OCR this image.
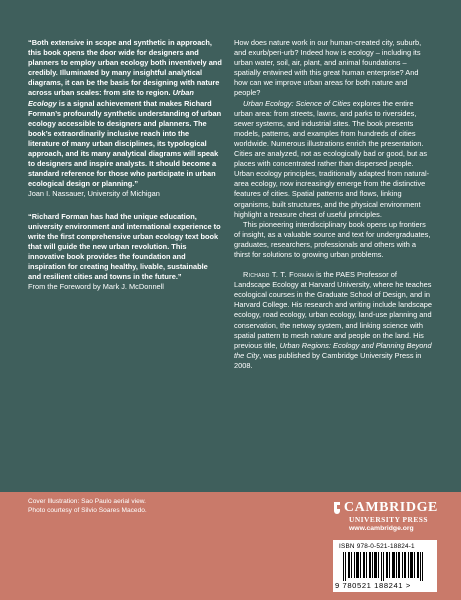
“Both extensive in scope and synthetic in approach, this book opens the door wide for designers and planners to employ urban ecology both inventively and credibly. Illuminated by many insightful analytical diagrams, it can be the basis for designing with nature across urban scales: from site to region. Urban Ecology is a signal achievement that makes Richard Forman’s profoundly synthetic understanding of urban ecology accessible to designers and planners. The book’s extraordinarily inclusive reach into the literature of many urban disciplines, its typological approach, and its many analytical diagrams will speak to designers and inspire analysts. It should become a standard reference for those who participate in urban ecological design or planning.”

Joan I. Nassauer, University of Michigan

“Richard Forman has had the unique education, university environment and international experience to write the first comprehensive urban ecology text book that will guide the new urban revolution. This innovative book provides the foundation and inspiration for creating healthy, livable, sustainable and resilient cities and towns in the future.”

From the Foreword by Mark J. McDonnell

How does nature work in our human-created city, suburb, and exurb/peri-urb? Indeed how is ecology – including its urban water, soil, air, plant, and animal foundations – spatially entwined with this great human enterprise? And how can we improve urban areas for both nature and people?

Urban Ecology: Science of Cities explores the entire urban area: from streets, lawns, and parks to riversides, sewer systems, and industrial sites. The book presents models, patterns, and examples from hundreds of cities worldwide. Numerous illustrations enrich the presentation. Cities are analyzed, not as ecologically bad or good, but as places with concentrated rather than dispersed people. Urban ecology principles, traditionally adapted from natural-area ecology, now increasingly emerge from the distinctive features of cities. Spatial patterns and flows, linking organisms, built structures, and the physical environment highlight a treasure chest of useful principles.

This pioneering interdisciplinary book opens up frontiers of insight, as a valuable source and text for undergraduates, graduates, researchers, professionals and others with a thirst for solutions to growing urban problems.

Richard T. T. Forman is the PAES Professor of Landscape Ecology at Harvard University, where he teaches ecological courses in the Graduate School of Design, and in Harvard College. His research and writing include landscape ecology, road ecology, urban ecology, land-use planning and conservation, the netway system, and linking science with spatial pattern to mesh nature and people on the land. His previous title, Urban Regions: Ecology and Planning Beyond the City, was published by Cambridge University Press in 2008.

Cover Illustration: Sao Paulo aerial view.
Photo courtesy of Silvio Soares Macedo.	CAMBRIDGE
UNIVERSITY PRESS
www.cambridge.org
ISBN 978-0-521-18824-1
9 780521 188241 >
